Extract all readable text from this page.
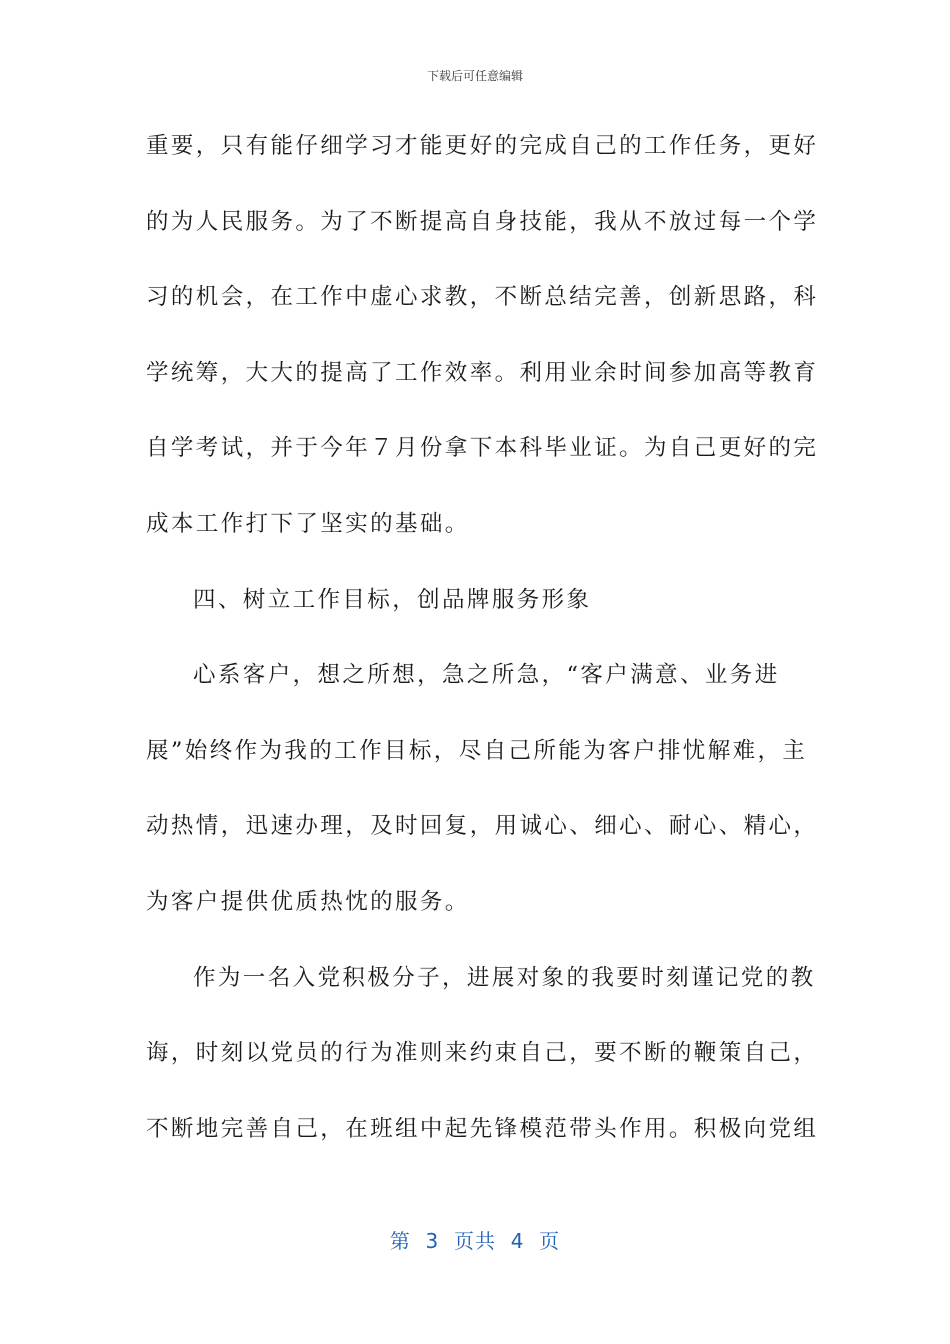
下载后可任意编辑
重要，只有能仔细学习才能更好的完成自己的工作任务，更好
的为人民服务。为了不断提高自身技能，我从不放过每一个学
习的机会，在工作中虚心求教，不断总结完善，创新思路，科
学统筹，大大的提高了工作效率。利用业余时间参加高等教育
自学考试，并于今年７月份拿下本科毕业证。为自己更好的完
成本工作打下了坚实的基础。
四、树立工作目标，创品牌服务形象
心系客户，想之所想，急之所急，“客户满意、业务进
展”始终作为我的工作目标，尽自己所能为客户排忧解难，主
动热情，迅速办理，及时回复，用诚心、细心、耐心、精心，
为客户提供优质热忱的服务。
作为一名入党积极分子，进展对象的我要时刻谨记党的教
诲，时刻以党员的行为准则来约束自己，要不断的鞭策自己，
不断地完善自己，在班组中起先锋模范带头作用。积极向党组
第  3  页共  4  页
